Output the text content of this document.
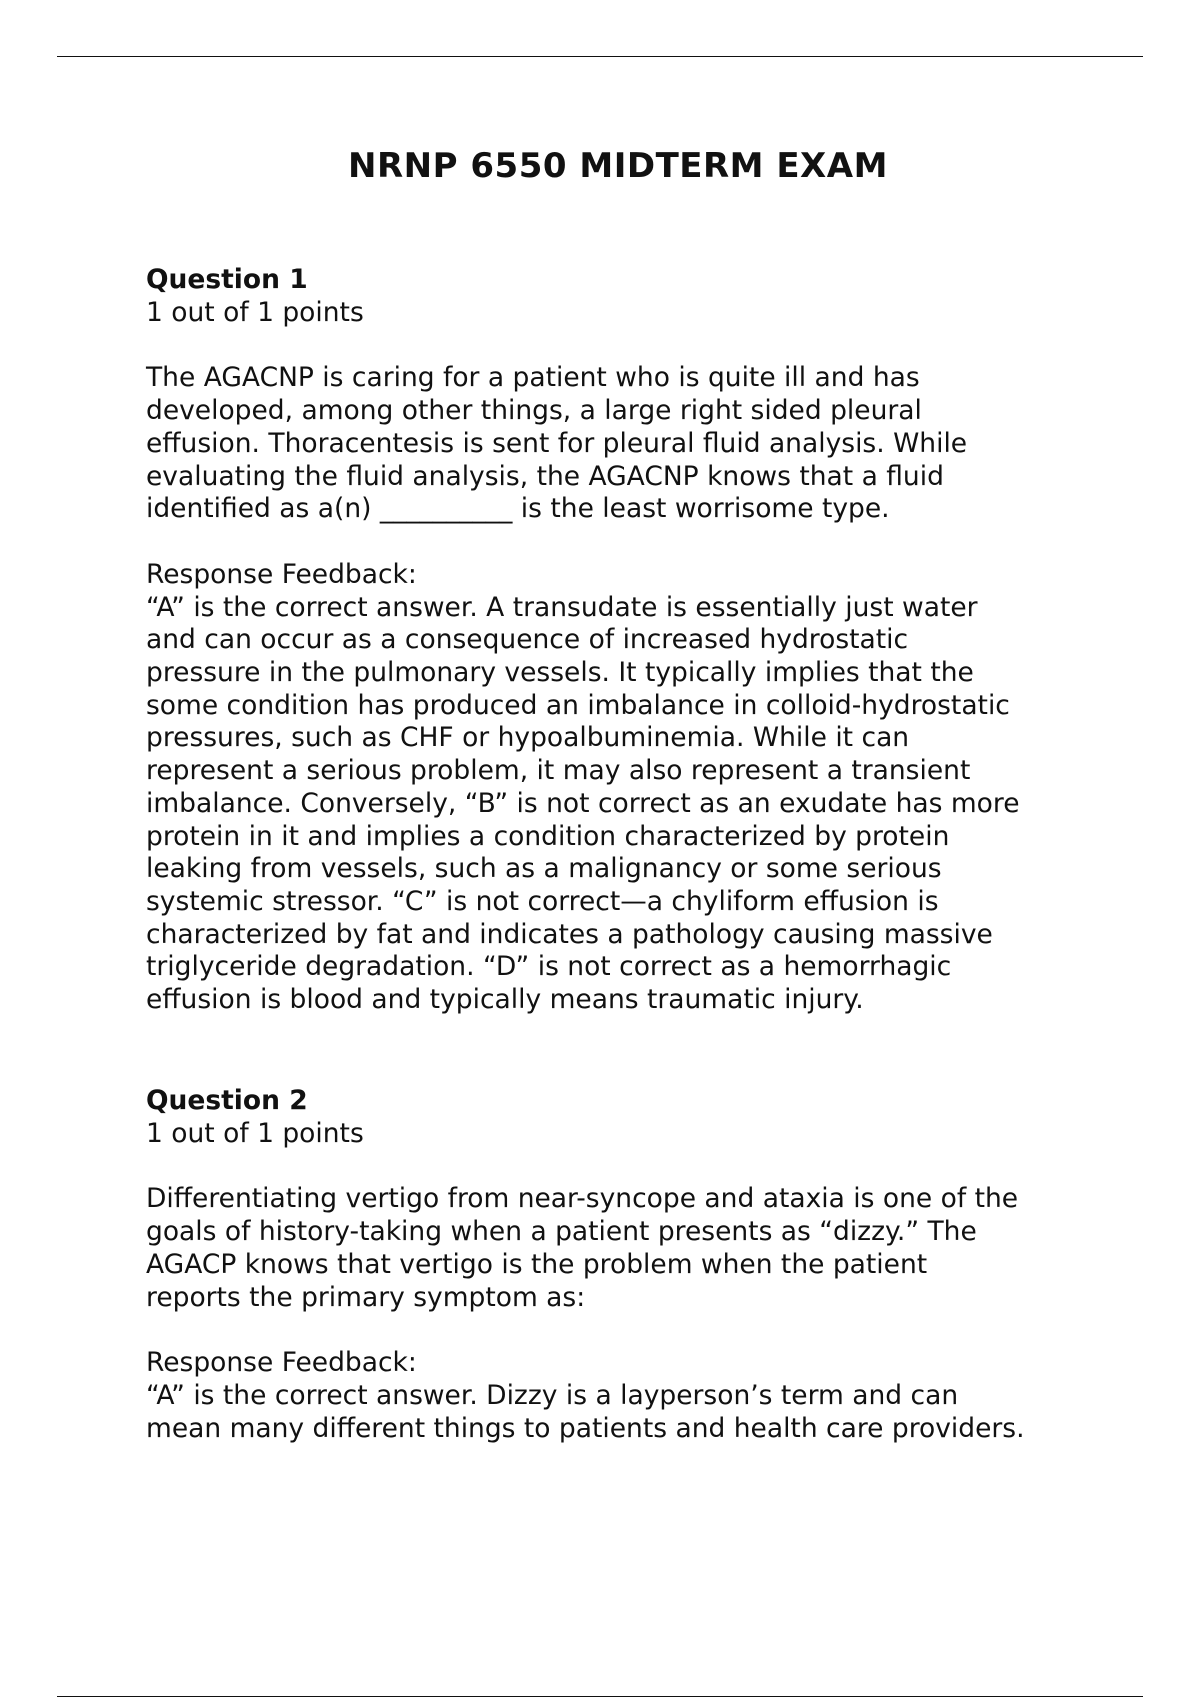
NRNP 6550 MIDTERM EXAM

Question 1

1 out of 1 points

The AGACNP is caring for a patient who is quite ill and has
developed, among other things, a large right sided pleural
effusion. Thoracentesis is sent for pleural fluid analysis. While
evaluating the fluid analysis, the AGACNP knows that a fluid
identified as a(n) __________ is the least worrisome type.

Response Feedback:

“A” is the correct answer. A transudate is essentially just water
and can occur as a consequence of increased hydrostatic
pressure in the pulmonary vessels. It typically implies that the
some condition has produced an imbalance in colloid-hydrostatic
pressures, such as CHF or hypoalbuminemia. While it can
represent a serious problem, it may also represent a transient
imbalance. Conversely, “B” is not correct as an exudate has more
protein in it and implies a condition characterized by protein
leaking from vessels, such as a malignancy or some serious
systemic stressor. “C” is not correct—a chyliform effusion is
characterized by fat and indicates a pathology causing massive
triglyceride degradation. “D” is not correct as a hemorrhagic
effusion is blood and typically means traumatic injury.

Question 2

1 out of 1 points

Differentiating vertigo from near-syncope and ataxia is one of the
goals of history-taking when a patient presents as “dizzy.” The
AGACP knows that vertigo is the problem when the patient
reports the primary symptom as:

Response Feedback:

“A” is the correct answer. Dizzy is a layperson’s term and can
mean many different things to patients and health care providers.
